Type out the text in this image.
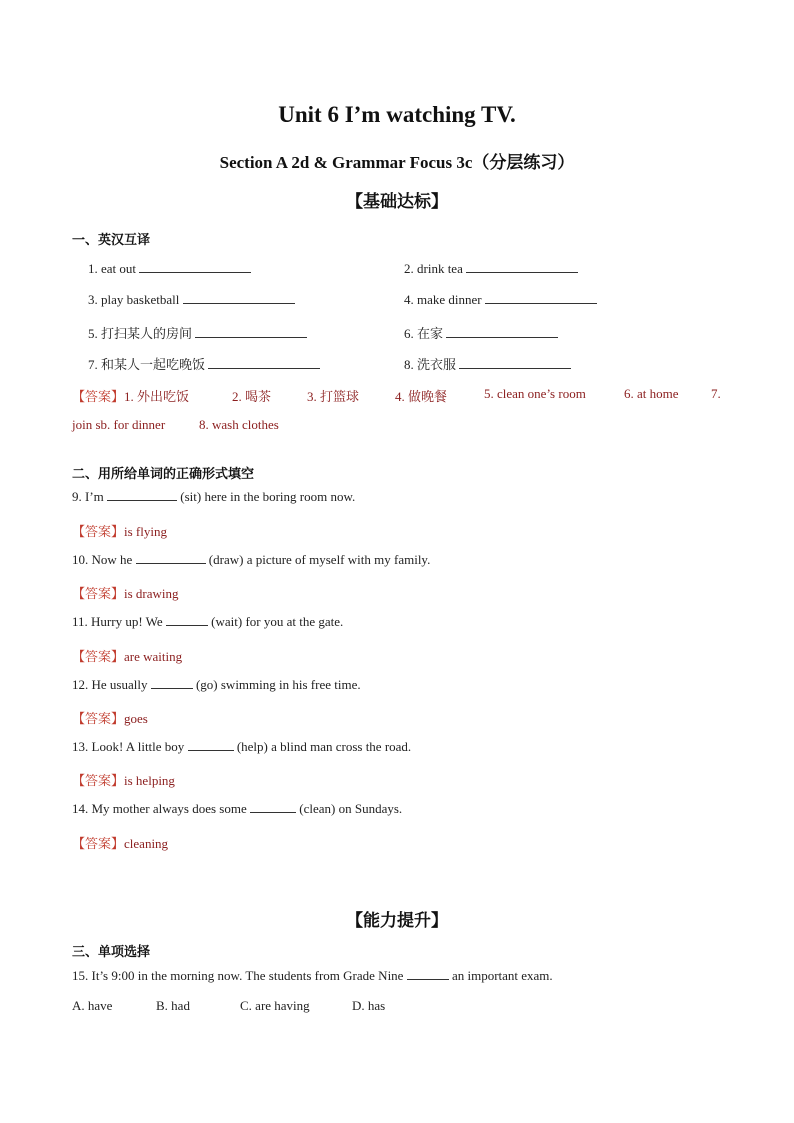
Unit 6 I’m watching TV.
Section A 2d & Grammar Focus 3c（分层练习）
【基础达标】
一、英汉互译
1. eat out	2. drink tea
3. play basketball	4. make dinner
5. 打扫某人的房间	6. 在家
7. 和某人一起吃晚饭	8. 洗衣服
【答案】1. 外出吃饭	2. 喝茶	3. 打篮球	4. 做晚餐	5. clean one’s room	6. at home 7.
join sb. for dinner	8. wash clothes
二、用所给单词的正确形式填空
9. I’m	(sit) here in the boring room now.
【答案】is flying
10. Now he	(draw) a picture of myself with my family.
【答案】is drawing
11. Hurry up! We	(wait) for you at the gate.
【答案】are waiting
12. He usually	(go) swimming in his free time.
【答案】goes
13. Look! A little boy	(help) a blind man cross the road.
【答案】is helping
14. My mother always does some	(clean) on Sundays.
【答案】cleaning
【能力提升】
三、单项选择
15. It’s 9:00 in the morning now. The students from Grade Nine	an important exam.
A. have	B. had	C. are having	D. has
